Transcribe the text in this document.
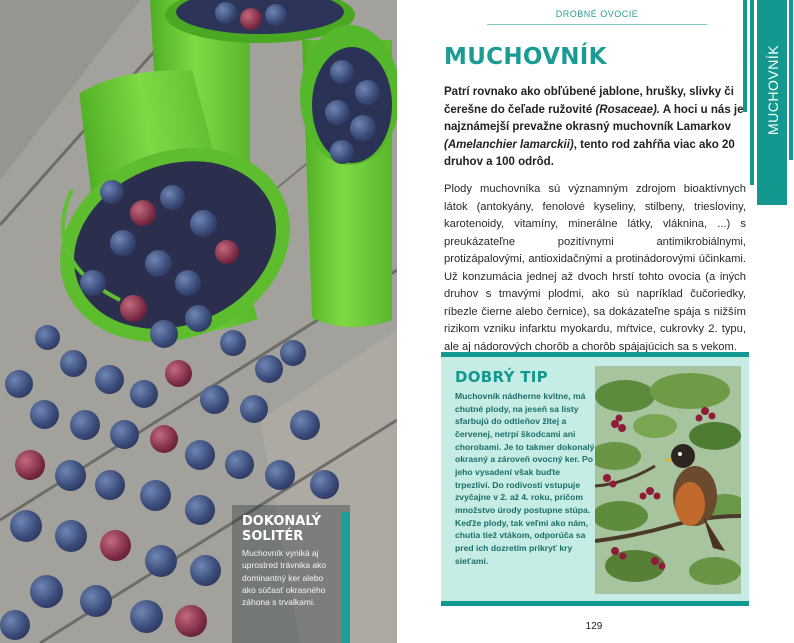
DOKONALÝ SOLITÉR
Muchovník vyniká aj uprostred trávnika ako dominantný ker alebo ako súčasť okrasného záhona s trvalkami.
DROBNÉ OVOCIE
MUCHOVNÍK
MUCHOVNÍK
Patrí rovnako ako obľúbené jablone, hrušky, slivky či čerešne do čeľade ružovité (Rosaceae). A hoci u nás je najznámejší prevažne okrasný muchovník Lamarkov (Amelanchier lamarckii), tento rod zahŕňa viac ako 20 druhov a 100 odrôd.
Plody muchovníka sú významným zdrojom bioaktívnych látok (antokyány, fenolové kyseliny, stilbeny, triesloviny, karotenoidy, vitamíny, minerálne látky, vláknina, ...) s preukázateľne pozitívnymi antimikrobiálnymi, protizápalovými, antioxidačnými a protinádorovými účinkami. Už konzumácia jednej až dvoch hrstí tohto ovocia (a iných druhov s tmavými plodmi, ako sú napríklad čučoriedky, ríbezle čierne alebo černice), sa dokázateľne spája s nižším rizikom vzniku infarktu myokardu, mŕtvice, cukrovky 2. typu, ale aj nádorových chorôb a chorôb spájajúcich sa s vekom.
DOBRÝ TIP
Muchovník nádherne kvitne, má chutné plody, na jeseň sa listy sfarbujú do odtieňov žltej a červenej, netrpí škodcami ani chorobami. Je to takmer dokonalý okrasný a zároveň ovocný ker. Po jeho vysadení však buďte trpezliví. Do rodivosti vstupuje zvyčajne v 2. až 4. roku, pričom množstvo úrody postupne stúpa. Keďže plody, tak veľmi ako nám, chutia tiež vtákom, odporúča sa pred ich dozretím prikryť kry sieťami.
129
